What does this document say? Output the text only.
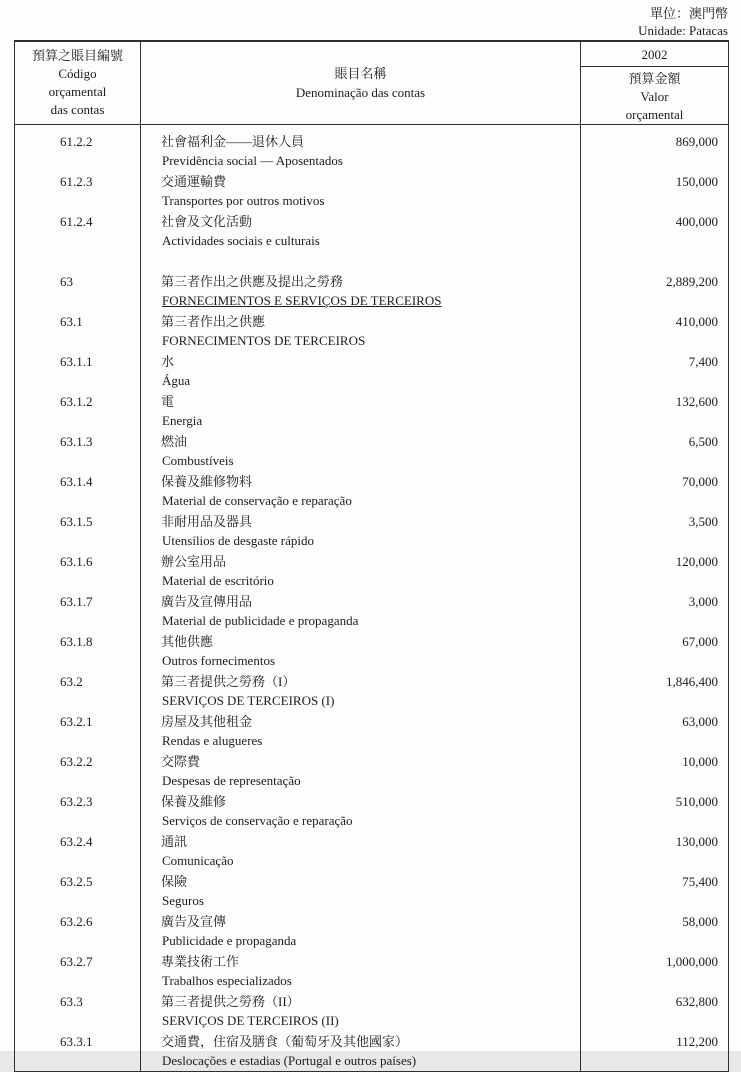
單位：澳門幣
Unidade: Patacas
預算之賬目編號
Código
orçamental
das contas

賬目名稱
Denominação das contas

2002
預算金額
Valor
orçamental

61.2.2	社會福利金——退休人員
Previdência social — Aposentados	869,000
61.2.3	交通運輸費
Transportes por outros motivos	150,000
61.2.4	社會及文化活動
Actividades sociais e culturais	400,000
63	第三者作出之供應及提出之勞務
FORNECIMENTOS E SERVIÇOS DE TERCEIROS	2,889,200
63.1	第三者作出之供應
FORNECIMENTOS DE TERCEIROS	410,000
63.1.1	水
Água	7,400
63.1.2	電
Energia	132,600
63.1.3	燃油
Combustíveis	6,500
63.1.4	保養及維修物料
Material de conservação e reparação	70,000
63.1.5	非耐用品及器具
Utensílios de desgaste rápido	3,500
63.1.6	辦公室用品
Material de escritório	120,000
63.1.7	廣告及宣傳用品
Material de publicidade e propaganda	3,000
63.1.8	其他供應
Outros fornecimentos	67,000
63.2	第三者提供之勞務（I）
SERVIÇOS DE TERCEIROS (I)	1,846,400
63.2.1	房屋及其他租金
Rendas e alugueres	63,000
63.2.2	交際費
Despesas de representação	10,000
63.2.3	保養及維修
Serviços de conservação e reparação	510,000
63.2.4	通訊
Comunicação	130,000
63.2.5	保險
Seguros	75,400
63.2.6	廣告及宣傳
Publicidade e propaganda	58,000
63.2.7	專業技術工作
Trabalhos especializados	1,000,000
63.3	第三者提供之勞務（II）
SERVIÇOS DE TERCEIROS (II)	632,800
63.3.1	交通費，住宿及膳食（葡萄牙及其他國家）
Deslocações e estadias (Portugal e outros países)	112,200
